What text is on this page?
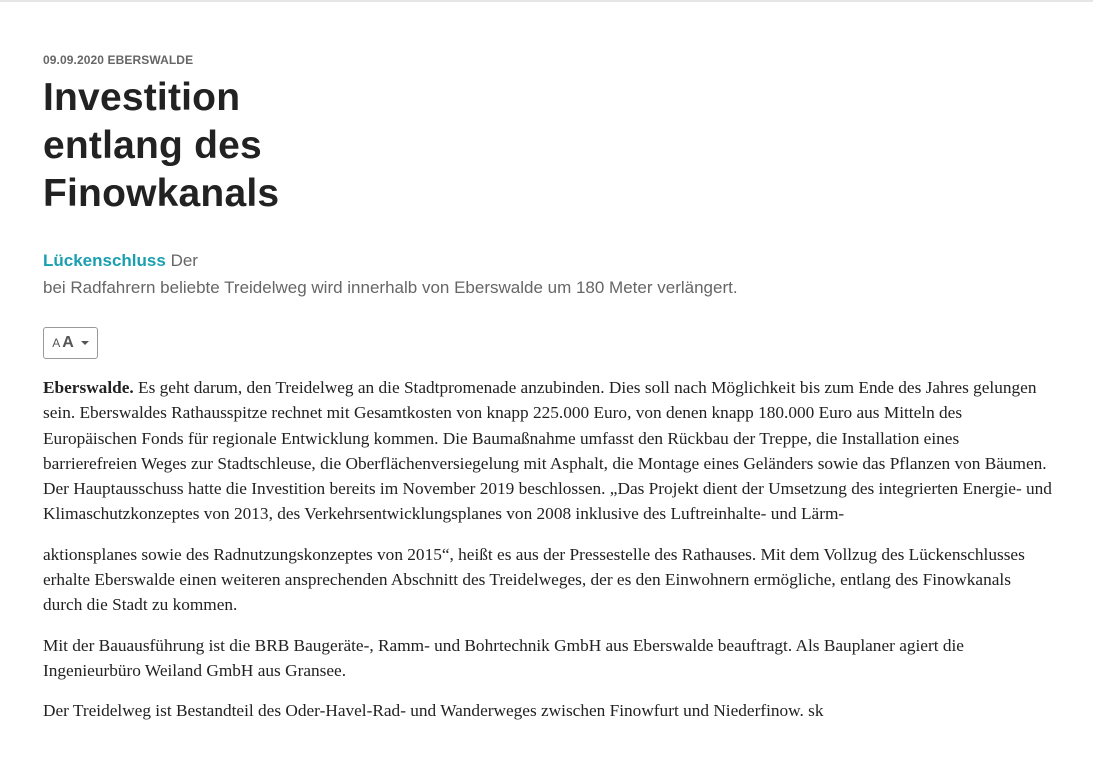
09.09.2020 EBERSWALDE

Investition entlang des Finowkanals

Lückenschluss Der
bei Radfahrern beliebte Treidelweg wird innerhalb von Eberswalde um 180 Meter verlängert.

A A

Eberswalde. Es geht darum, den Treidelweg an die Stadtpromenade anzubinden. Dies soll nach Möglichkeit bis zum Ende des Jahres gelungen sein. Eberswaldes Rathausspitze rechnet mit Gesamtkosten von knapp 225.000 Euro, von denen knapp 180.000 Euro aus Mitteln des Europäischen Fonds für regionale Entwicklung kommen. Die Baumaßnahme umfasst den Rückbau der Treppe, die Installation eines barrierefreien Weges zur Stadtschleuse, die Oberflächenversiegelung mit Asphalt, die Montage eines Geländers sowie das Pflanzen von Bäumen. Der Hauptausschuss hatte die Investition bereits im November 2019 beschlossen. „Das Projekt dient der Umsetzung des integrierten Energie- und Klimaschutzkonzeptes von 2013, des Verkehrsentwicklungsplanes von 2008 inklusive des Luftreinhalte- und Lärm-

aktionsplanes sowie des Radnutzungskonzeptes von 2015“, heißt es aus der Pressestelle des Rathauses. Mit dem Vollzug des Lückenschlusses erhalte Eberswalde einen weiteren ansprechenden Abschnitt des Treidelweges, der es den Einwohnern ermögliche, entlang des Finowkanals durch die Stadt zu kommen.

Mit der Bauausführung ist die BRB Baugeräte-, Ramm- und Bohrtechnik GmbH aus Eberswalde beauftragt. Als Bauplaner agiert die Ingenieurbüro Weiland GmbH aus Gransee.

Der Treidelweg ist Bestandteil des Oder-Havel-Rad- und Wanderweges zwischen Finowfurt und Niederfinow. sk
